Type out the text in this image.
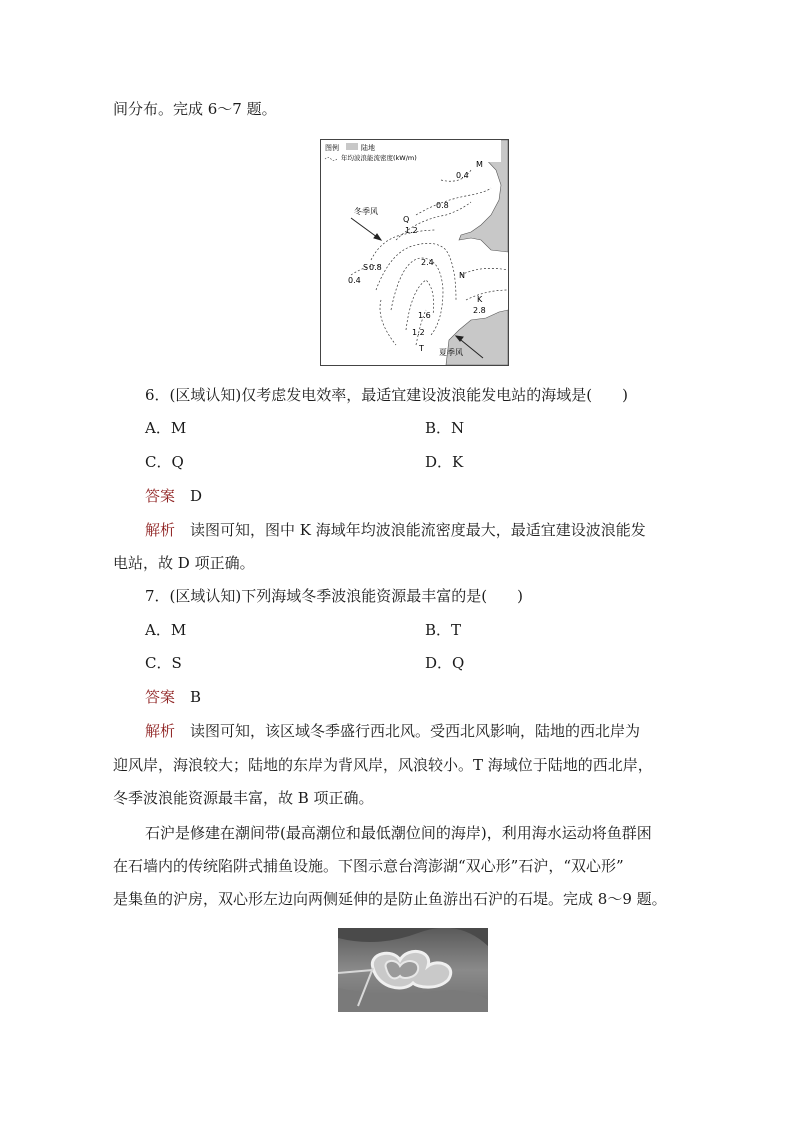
间分布。完成 6～7 题。
图例	陆地
年均波浪能流密度(kW/m)
冬季风
夏季风
M
0.4
0.8
Q
1.2
S 0.8
0.4
2.4
N
K
2.8
1.6
1.2
T
6．(区域认知)仅考虑发电效率，最适宜建设波浪能发电站的海域是(　　)
A．M	B．N
C．Q	D．K
答案　 D
解析　 读图可知，图中 K 海域年均波浪能流密度最大，最适宜建设波浪能发
电站，故 D 项正确。
7．(区域认知)下列海域冬季波浪能资源最丰富的是(　　)
A．M	B．T
C．S	D．Q
答案　 B
解析　 读图可知，该区域冬季盛行西北风。受西北风影响，陆地的西北岸为
迎风岸，海浪较大；陆地的东岸为背风岸，风浪较小。T 海域位于陆地的西北岸，
冬季波浪能资源最丰富，故 B 项正确。
石沪是修建在潮间带(最高潮位和最低潮位间的海岸)，利用海水运动将鱼群困
在石墙内的传统陷阱式捕鱼设施。下图示意台湾澎湖“双心形”石沪，“双心形”
是集鱼的沪房，双心形左边向两侧延伸的是防止鱼游出石沪的石堤。完成 8～9 题。
